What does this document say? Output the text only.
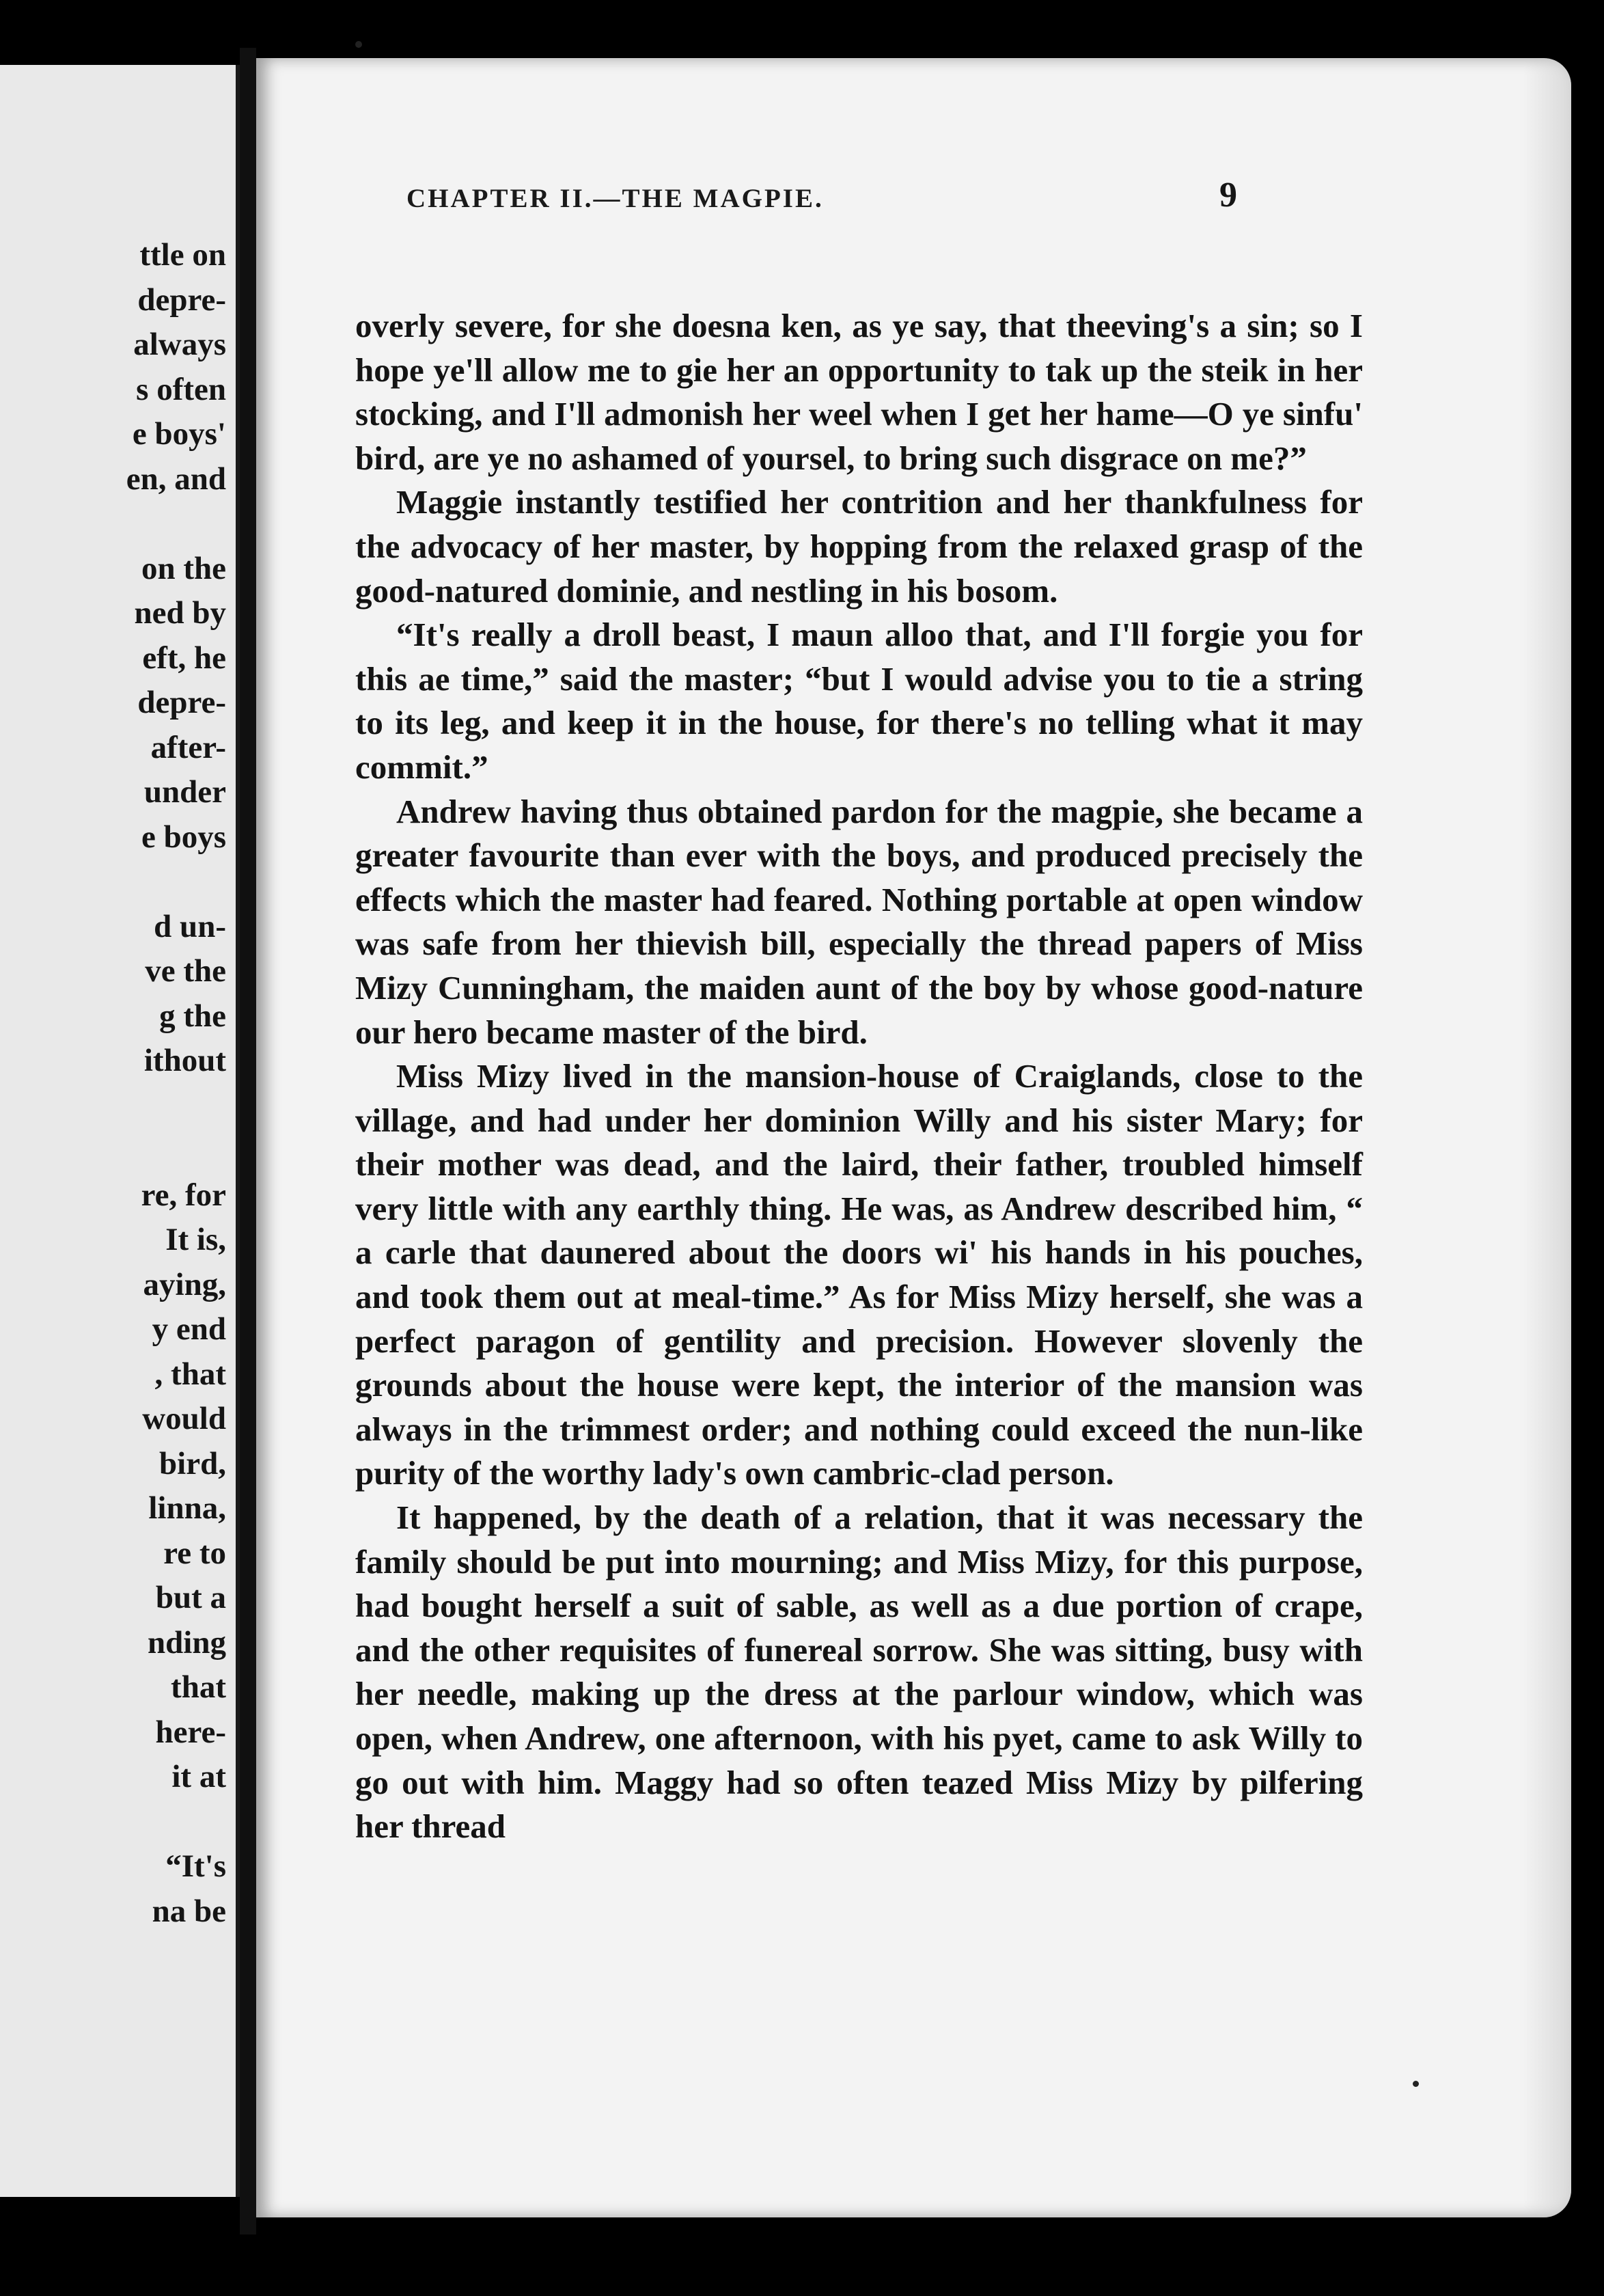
ttle on
depre-
always
s often
e boys'
en, and
on the
ned by
eft, he
depre-
after-
under
e boys
d un-
ve the
g the
ithout
re, for
It is,
aying,
y end
, that
would
bird,
linna,
re to
but a
nding
that
here-
it at
“It's
na be
CHAPTER II.—THE MAGPIE.	9

overly severe, for she doesna ken, as ye say, that theeving's a sin; so I hope ye'll allow me to gie her an opportunity to tak up the steik in her stocking, and I'll admonish her weel when I get her hame—O ye sinfu' bird, are ye no ashamed of yoursel, to bring such disgrace on me?”

Maggie instantly testified her contrition and her thankfulness for the advocacy of her master, by hopping from the relaxed grasp of the good-natured dominie, and nestling in his bosom.

“It's really a droll beast, I maun alloo that, and I'll forgie you for this ae time,” said the master; “but I would advise you to tie a string to its leg, and keep it in the house, for there's no telling what it may commit.”

Andrew having thus obtained pardon for the magpie, she became a greater favourite than ever with the boys, and produced precisely the effects which the master had feared. Nothing portable at open window was safe from her thievish bill, especially the thread papers of Miss Mizy Cunningham, the maiden aunt of the boy by whose good-nature our hero became master of the bird.

Miss Mizy lived in the mansion-house of Craiglands, close to the village, and had under her dominion Willy and his sister Mary; for their mother was dead, and the laird, their father, troubled himself very little with any earthly thing. He was, as Andrew described him, “ a carle that daunered about the doors wi' his hands in his pouches, and took them out at meal-time.” As for Miss Mizy herself, she was a perfect paragon of gentility and precision. However slovenly the grounds about the house were kept, the interior of the mansion was always in the trimmest order; and nothing could exceed the nun-like purity of the worthy lady's own cambric-clad person.

It happened, by the death of a relation, that it was necessary the family should be put into mourning; and Miss Mizy, for this purpose, had bought herself a suit of sable, as well as a due portion of crape, and the other requisites of funereal sorrow. She was sitting, busy with her needle, making up the dress at the parlour window, which was open, when Andrew, one afternoon, with his pyet, came to ask Willy to go out with him. Maggy had so often teazed Miss Mizy by pilfering her thread
